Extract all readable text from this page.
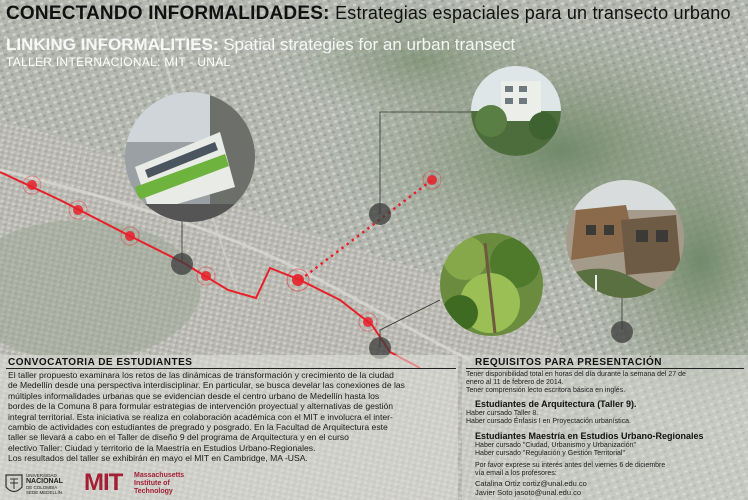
CONECTANDO INFORMALIDADES: Estrategias espaciales para un transecto urbano
LINKING INFORMALITIES: Spatial strategies for an urban transect
TALLER INTERNACIONAL: MIT - UNAL
CONVOCATORIA DE ESTUDIANTES

El taller propuesto examinara los retos de las dinámicas de transformación y crecimiento de la ciudad

de Medellín desde una perspectiva interdisciplinar. En particular, se busca develar las conexiones de las

múltiples informalidades urbanas que se evidencian desde el centro urbano de Medellín hasta los

bordes de la Comuna 8 para formular estrategias de intervención proyectual y alternativas de gestión

integral territorial. Esta iniciativa se realiza en colaboración académica con el MIT e involucra el inter-

cambio de actividades con estudiantes de pregrado y posgrado. En la Facultad de Arquitectura este

taller se llevará a cabo en el Taller de diseño 9 del programa de Arquitectura y en el curso

electivo Taller: Ciudad y territorio de la Maestría en Estudios Urbano-Regionales.

Los resultados del taller se exhibirán en mayo el MIT en Cambridge, MA -USA.

REQUISITOS PARA PRESENTACIÓN
Tener disponibilidad total en horas del día durante la semana del 27 de
enero al 11 de febrero de 2014.
Tener comprensión lecto escritora básica en inglés.
Estudiantes de Arquitectura (Taller 9).
Haber cursado Taller 8.
Haber cursado Énfasis I en Proyectación urbanística.
Estudiantes Maestría en Estudios Urbano-Regionales
Haber cursado "Ciudad, Urbanismo y Urbanización"
Haber cursado "Regulación y Gestión Territorial"
Por favor exprese su interés antes del viernes 6 de diciembre
vía email a los profesores:
Catalina Ortiz cortiz@unal.edu.co
Javier Soto jasoto@unal.edu.co
UNIVERSIDAD
NACIONAL
DE COLOMBIA
SEDE MEDELLÍN MIT Massachusetts
Institute of
Technology
